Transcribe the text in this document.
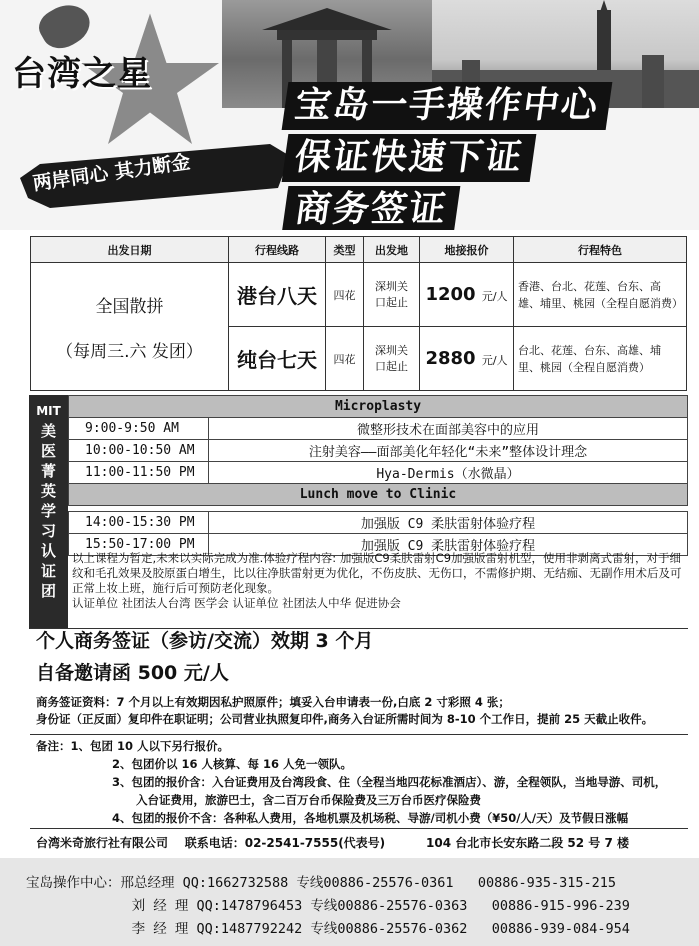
台湾之星
两岸同心 其力断金
宝岛一手操作中心
保证快速下证
商务签证
出发日期	行程线路	类型	出发地	地接报价	行程特色

全国散拼
（每周三.六 发团）	港台八天	四花	深圳关口起止	1200 元/人	香港、台北、花莲、台东、高雄、埔里、桃园（全程自愿消费）
	纯台七天	四花	深圳关口起止	2880 元/人	台北、花莲、台东、高雄、埔里、桃园（全程自愿消费）
MIT
美
医
菁
英
学
习
认
证
团
Microplasty	
9:00-9:50 AM	微整形技术在面部美容中的应用
10:00-10:50 AM	注射美容——面部美化年轻化“未来”整体设计理念
11:00-11:50 PM	Hya-Dermis（水微晶）
Lunch move to Clinic	

14:00-15:30 PM	加强版 C9 柔肤雷射体验疗程
15:50-17:00 PM	加强版 C9 柔肤雷射体验疗程
以上课程为暂定,未来以实际完成为准.体验疗程内容: 加强版C9柔肤雷射C9加强版雷射机型，使用非剥离式雷射，对于细纹和毛孔效果及胶原蛋白增生，比以往净肤雷射更为优化，不伤皮肤、无伤口，不需修护期、无结痂、无副作用术后及可正常上妆上班，施行后可预防老化现象。
认证单位 社团法人台湾 医学会 认证单位 社团法人中华 促进协会
个人商务签证（参访/交流）效期 3 个月
自备邀请函 500 元/人
商务签证资料：7 个月以上有效期因私护照原件；填妥入台申请表一份,白底 2 寸彩照 4 张；
身份证（正反面）复印件在职证明；公司营业执照复印件,商务入台证所需时间为 8-10 个工作日，提前 25 天截止收件。
备注：1、包团 10 人以下另行报价。
2、包团价以 16 人核算、每 16 人免一领队。
3、包团的报价含：入台证费用及台湾段食、住（全程当地四花标准酒店）、游，全程领队，当地导游、司机，
入台证费用，旅游巴士，含二百万台币保险费及三万台币医疗保险费
4、包团的报价不含：各种私人费用，各地机票及机场税、导游/司机小费（¥50/人/天）及节假日涨幅
台湾米奇旅行社有限公司 联系电话：02-2541-7555(代表号)	104 台北市长安东路二段 52 号 7 楼

宝岛操作中心：邢总经理 QQ:1662732588 专线00886-25576-0361   00886-935-315-215

刘 经 理 QQ:1478796453 专线00886-25576-0363   00886-915-996-239

李 经 理 QQ:1487792242 专线00886-25576-0362   00886-939-084-954
